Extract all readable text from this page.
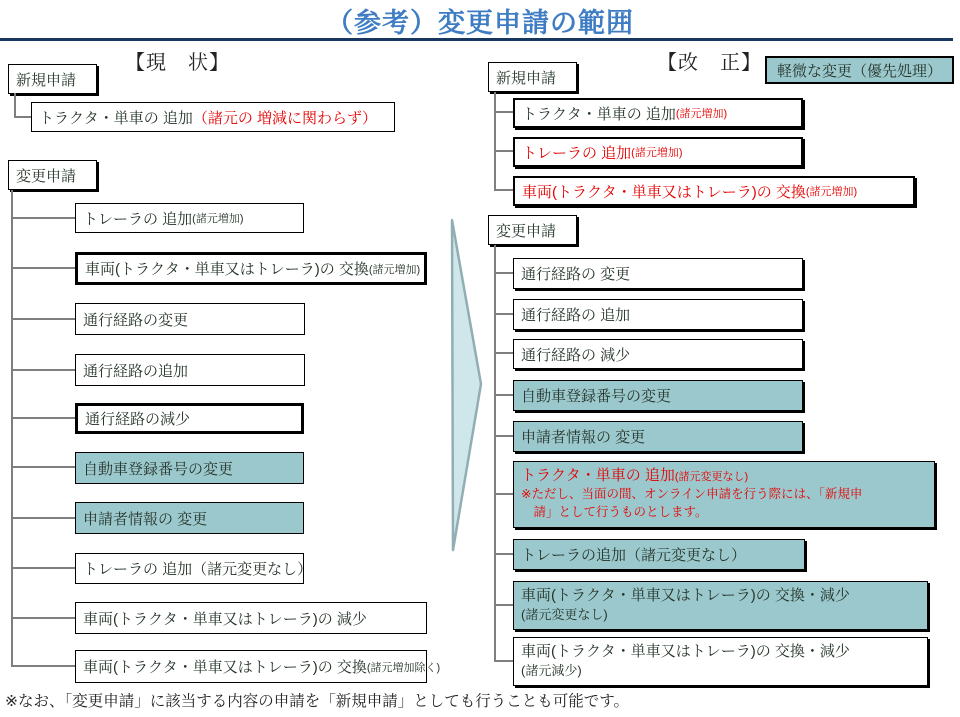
（参考）変更申請の範囲
【現　状】
新規申請
トラクタ・単車の 追加 （諸元の 増減に関わらず）
変更申請
トレーラの 追加 (諸元増加)
車両(トラクタ・単車又はトレーラ)の 交換 (諸元増加)
通行経路の変更
通行経路の追加
通行経路の減少
自動車登録番号の変更
申請者情報の 変更
トレーラの 追加（諸元変更なし）
車両(トラクタ・単車又はトレーラ)の 減少
車両(トラクタ・単車又はトレーラ)の 交換 (諸元増加除く)
【改　正】 軽微な変更（優先処理）
新規申請
トラクタ・単車の 追加 (諸元増加)
トレーラの 追加 (諸元増加)
車両(トラクタ・単車又はトレーラ)の 交換 (諸元増加)
変更申請
通行経路の 変更
通行経路の 追加
通行経路の 減少
自動車登録番号の変更
申請者情報の 変更
トラクタ・単車の 追加(諸元変更なし)
※ただし、当面の間、オンライン申請を行う際には、「新規申
　請」として行うものとします。
トレーラの追加（諸元変更なし）
車両(トラクタ・単車又はトレーラ)の 交換・減少
(諸元変更なし)
車両(トラクタ・単車又はトレーラ)の 交換・減少
(諸元減少)
※なお、「変更申請」に該当する内容の申請を「新規申請」としても行うことも可能です。
